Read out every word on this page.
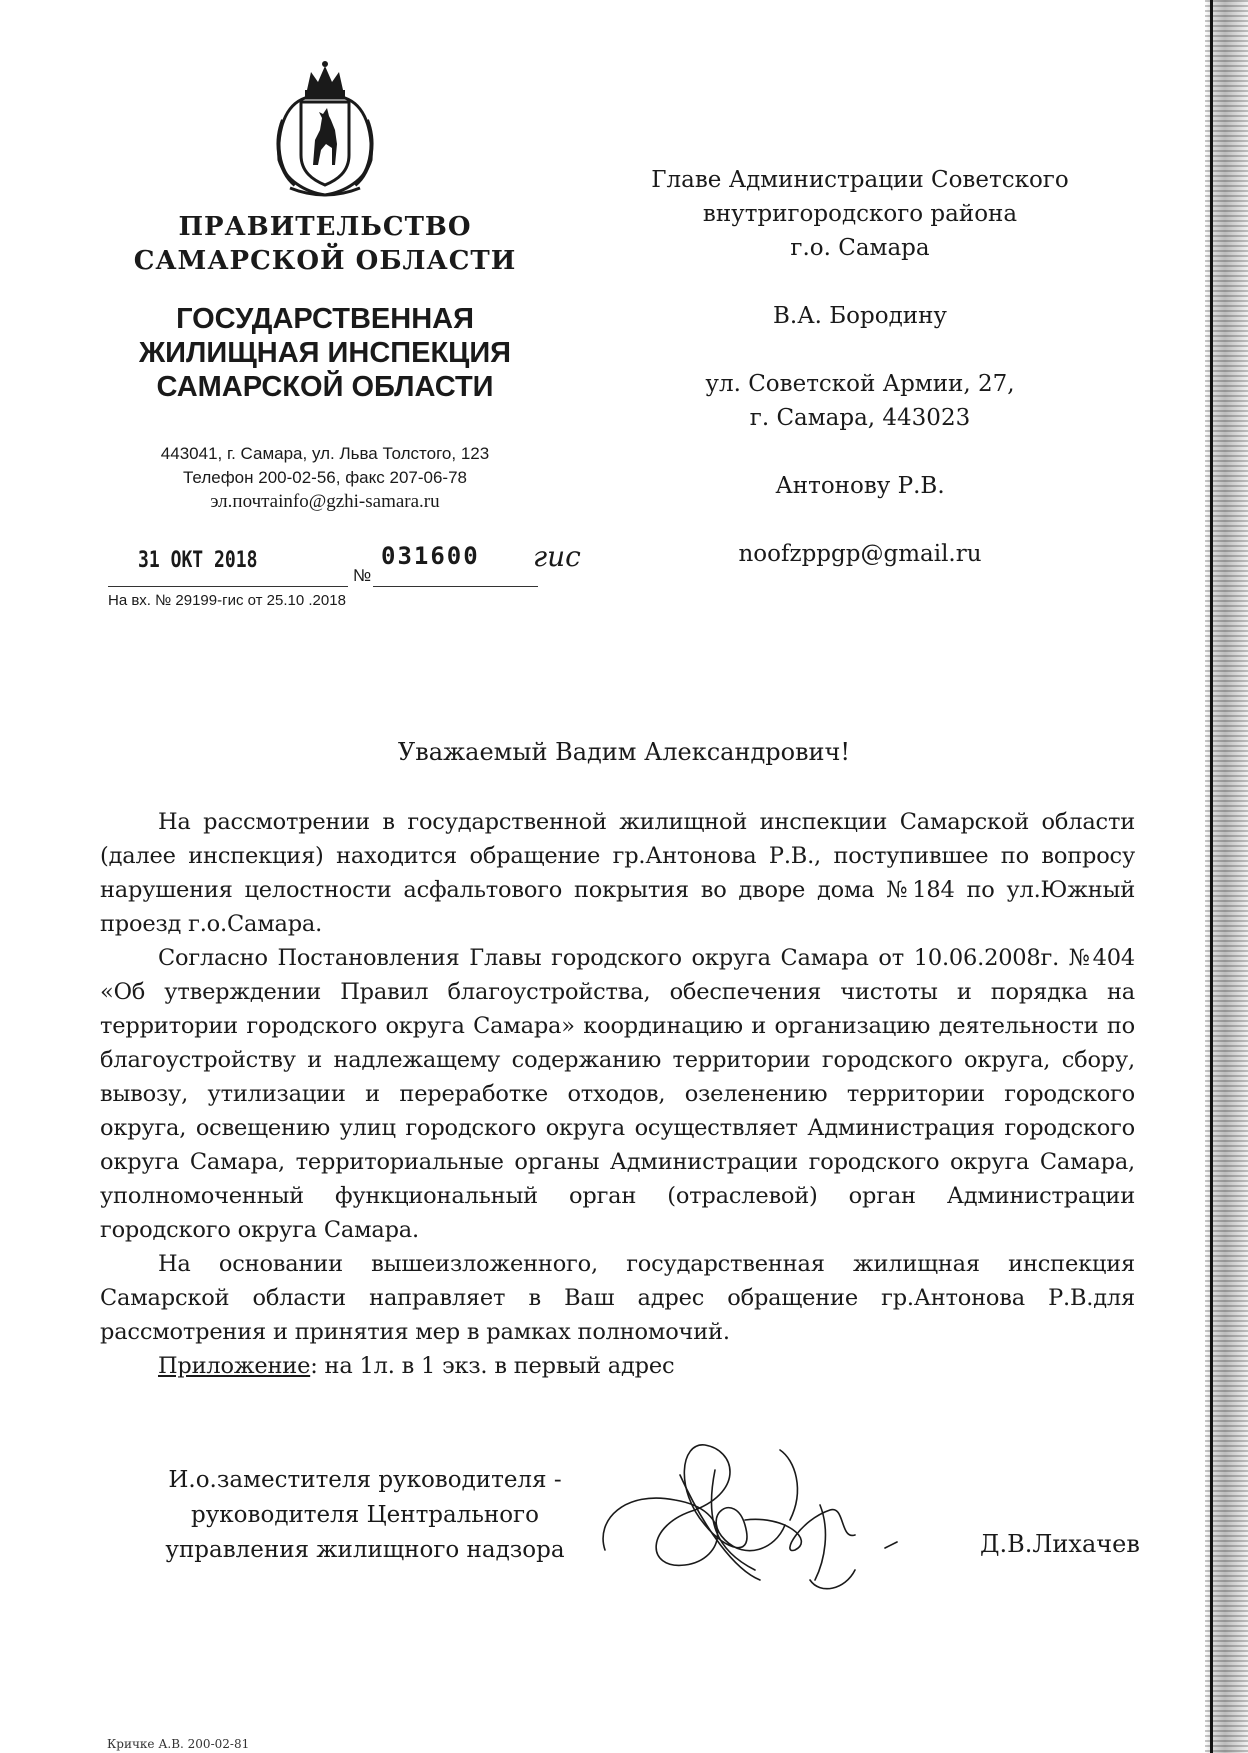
ПРАВИТЕЛЬСТВО
САМАРСКОЙ ОБЛАСТИ
ГОСУДАРСТВЕННАЯ
ЖИЛИЩНАЯ ИНСПЕКЦИЯ
САМАРСКОЙ ОБЛАСТИ
443041, г. Самара, ул. Льва Толстого, 123
Телефон 200-02-56, факс 207-06-78
эл.почтаinfo@gzhi-samara.ru
31 ОКТ 2018
№
031600 гис
На вх. № 29199-гис от 25.10 .2018
Главе Администрации Советского
внутригородского района
г.о. Самара
В.А. Бородину
ул. Советской Армии, 27,
г. Самара, 443023
Антонову Р.В.
noofzppgp@gmail.ru
Уважаемый Вадим Александрович!

На рассмотрении в государственной жилищной инспекции Самарской области (далее инспекция) находится обращение гр.Антонова Р.В., поступившее по вопросу нарушения целостности асфальтового покрытия во дворе дома №184 по ул.Южный проезд г.о.Самара.

Согласно Постановления Главы городского округа Самара от 10.06.2008г. №404 «Об утверждении Правил благоустройства, обеспечения чистоты и порядка на территории городского округа Самара» координацию и организацию деятельности по благоустройству и надлежащему содержанию территории городского округа, сбору, вывозу, утилизации и переработке отходов, озеленению территории городского округа, освещению улиц городского округа осуществляет Администрация городского округа Самара, территориальные органы Администрации городского округа Самара, уполномоченный функциональный орган (отраслевой) орган Администрации городского округа Самара.

На основании вышеизложенного, государственная жилищная инспекция Самарской области направляет в Ваш адрес обращение гр.Антонова Р.В.для рассмотрения и принятия мер в рамках полномочий.

Приложение: на 1л. в 1 экз. в первый адрес
И.о.заместителя руководителя -
руководителя Центрального
управления жилищного надзора	Д.В.Лихачев
Кричке А.В. 200-02-81
